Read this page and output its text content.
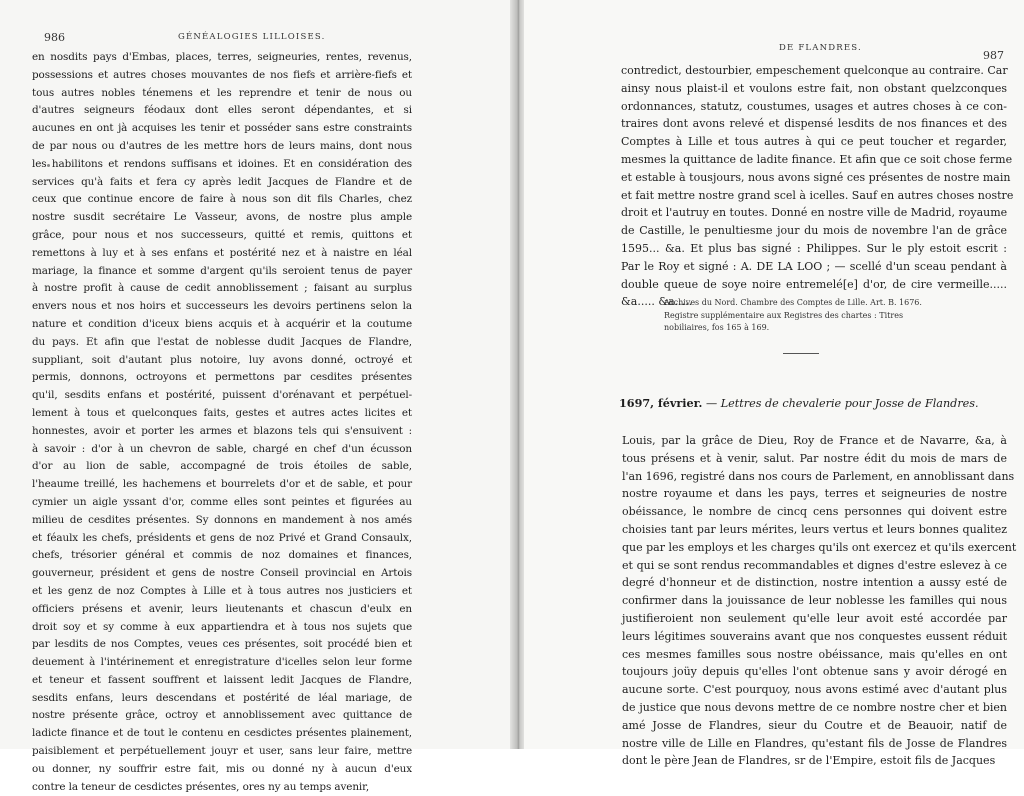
986	GÉNÉALOGIES LILLOISES.
en nosdits pays d'Embas, places, terres, seigneuries, rentes, revenus,
possessions et autres choses mouvantes de nos fiefs et arrière-fiefs et
tous autres nobles ténemens et les reprendre et tenir de nous ou
d'autres seigneurs féodaux dont elles seront dépendantes, et si
aucunes en ont jà acquises les tenir et posséder sans estre constraints
de par nous ou d'autres de les mettre hors de leurs mains, dont nous
les habilitons et rendons suffisans et idoines. Et en considération des
services qu'à faits et fera cy après ledit Jacques de Flandre et de
ceux que continue encore de faire à nous son dit fils Charles, chez
nostre susdit secrétaire Le Vasseur, avons, de nostre plus ample
grâce, pour nous et nos successeurs, quitté et remis, quittons et
remettons à luy et à ses enfans et postérité nez et à naistre en léal
mariage, la finance et somme d'argent qu'ils seroient tenus de payer
à nostre profit à cause de cedit annoblissement ; faisant au surplus
envers nous et nos hoirs et successeurs les devoirs pertinens selon la
nature et condition d'iceux biens acquis et à acquérir et la coutume
du pays. Et afin que l'estat de noblesse dudit Jacques de Flandre,
suppliant, soit d'autant plus notoire, luy avons donné, octroyé et
permis, donnons, octroyons et permettons par cesdites présentes
qu'il, sesdits enfans et postérité, puissent d'orénavant et perpétuel-
lement à tous et quelconques faits, gestes et autres actes licites et
honnestes, avoir et porter les armes et blazons tels qui s'ensuivent :
à savoir : d'or à un chevron de sable, chargé en chef d'un écusson
d'or au lion de sable, accompagné de trois étoiles de sable,
l'heaume treillé, les hachemens et bourrelets d'or et de sable, et pour
cymier un aigle yssant d'or, comme elles sont peintes et figurées au
milieu de cesdites présentes. Sy donnons en mandement à nos amés
et féaulx les chefs, présidents et gens de noz Privé et Grand Consaulx,
chefs, trésorier général et commis de noz domaines et finances,
gouverneur, président et gens de nostre Conseil provincial en Artois
et les genz de noz Comptes à Lille et à tous autres nos justiciers et
officiers présens et avenir, leurs lieutenants et chascun d'eulx en
droit soy et sy comme à eux appartiendra et à tous nos sujets que
par lesdits de nos Comptes, veues ces présentes, soit procédé bien et
deuement à l'intérinement et enregistrature d'icelles selon leur forme
et teneur et fassent souffrent et laissent ledit Jacques de Flandre,
sesdits enfans, leurs descendans et postérité de léal mariage, de
nostre présente grâce, octroy et annoblissement avec quittance de
ladicte finance et de tout le contenu en cesdictes présentes plainement,
paisiblement et perpétuellement jouyr et user, sans leur faire, mettre
ou donner, ny souffrir estre fait, mis ou donné ny à aucun d'eux
contre la teneur de cesdictes présentes, ores ny au temps avenir,
DE FLANDRES.
987
contredict, destourbier, empeschement quelconque au contraire. Car
ainsy nous plaist-il et voulons estre fait, non obstant quelzconques
ordonnances, statutz, coustumes, usages et autres choses à ce con-
traires dont avons relevé et dispensé lesdits de nos finances et des
Comptes à Lille et tous autres à qui ce peut toucher et regarder,
mesmes la quittance de ladite finance. Et afin que ce soit chose ferme
et estable à tousjours, nous avons signé ces présentes de nostre main
et fait mettre nostre grand scel à icelles. Sauf en autres choses nostre
droit et l'autruy en toutes. Donné en nostre ville de Madrid, royaume
de Castille, le penultiesme jour du mois de novembre l'an de grâce
1595... &a. Et plus bas signé : Philippes. Sur le ply estoit escrit :
Par le Roy et signé : A. DE LA LOO ; — scellé d'un sceau pendant à
double queue de soye noire entremelé[e] d'or, de cire vermeille.....
&a..... &a.....
Archives du Nord. Chambre des Comptes de Lille. Art. B. 1676.
Registre supplémentaire aux Registres des chartes : Titres
nobiliaires, fos 165 à 169.
1697, février. — Lettres de chevalerie pour Josse de Flandres.
Louis, par la grâce de Dieu, Roy de France et de Navarre, &a, à
tous présens et à venir, salut. Par nostre édit du mois de mars de
l'an 1696, registré dans nos cours de Parlement, en annoblissant dans
nostre royaume et dans les pays, terres et seigneuries de nostre
obéissance, le nombre de cincq cens personnes qui doivent estre
choisies tant par leurs mérites, leurs vertus et leurs bonnes qualitez
que par les employs et les charges qu'ils ont exercez et qu'ils exercent
et qui se sont rendus recommandables et dignes d'estre eslevez à ce
degré d'honneur et de distinction, nostre intention a aussy esté de
confirmer dans la jouissance de leur noblesse les familles qui nous
justifieroient non seulement qu'elle leur avoit esté accordée par
leurs légitimes souverains avant que nos conquestes eussent réduit
ces mesmes familles sous nostre obéissance, mais qu'elles en ont
toujours joüy depuis qu'elles l'ont obtenue sans y avoir dérogé en
aucune sorte. C'est pourquoy, nous avons estimé avec d'autant plus
de justice que nous devons mettre de ce nombre nostre cher et bien
amé Josse de Flandres, sieur du Coutre et de Beauoir, natif de
nostre ville de Lille en Flandres, qu'estant fils de Josse de Flandres
dont le père Jean de Flandres, sr de l'Empire, estoit fils de Jacques
